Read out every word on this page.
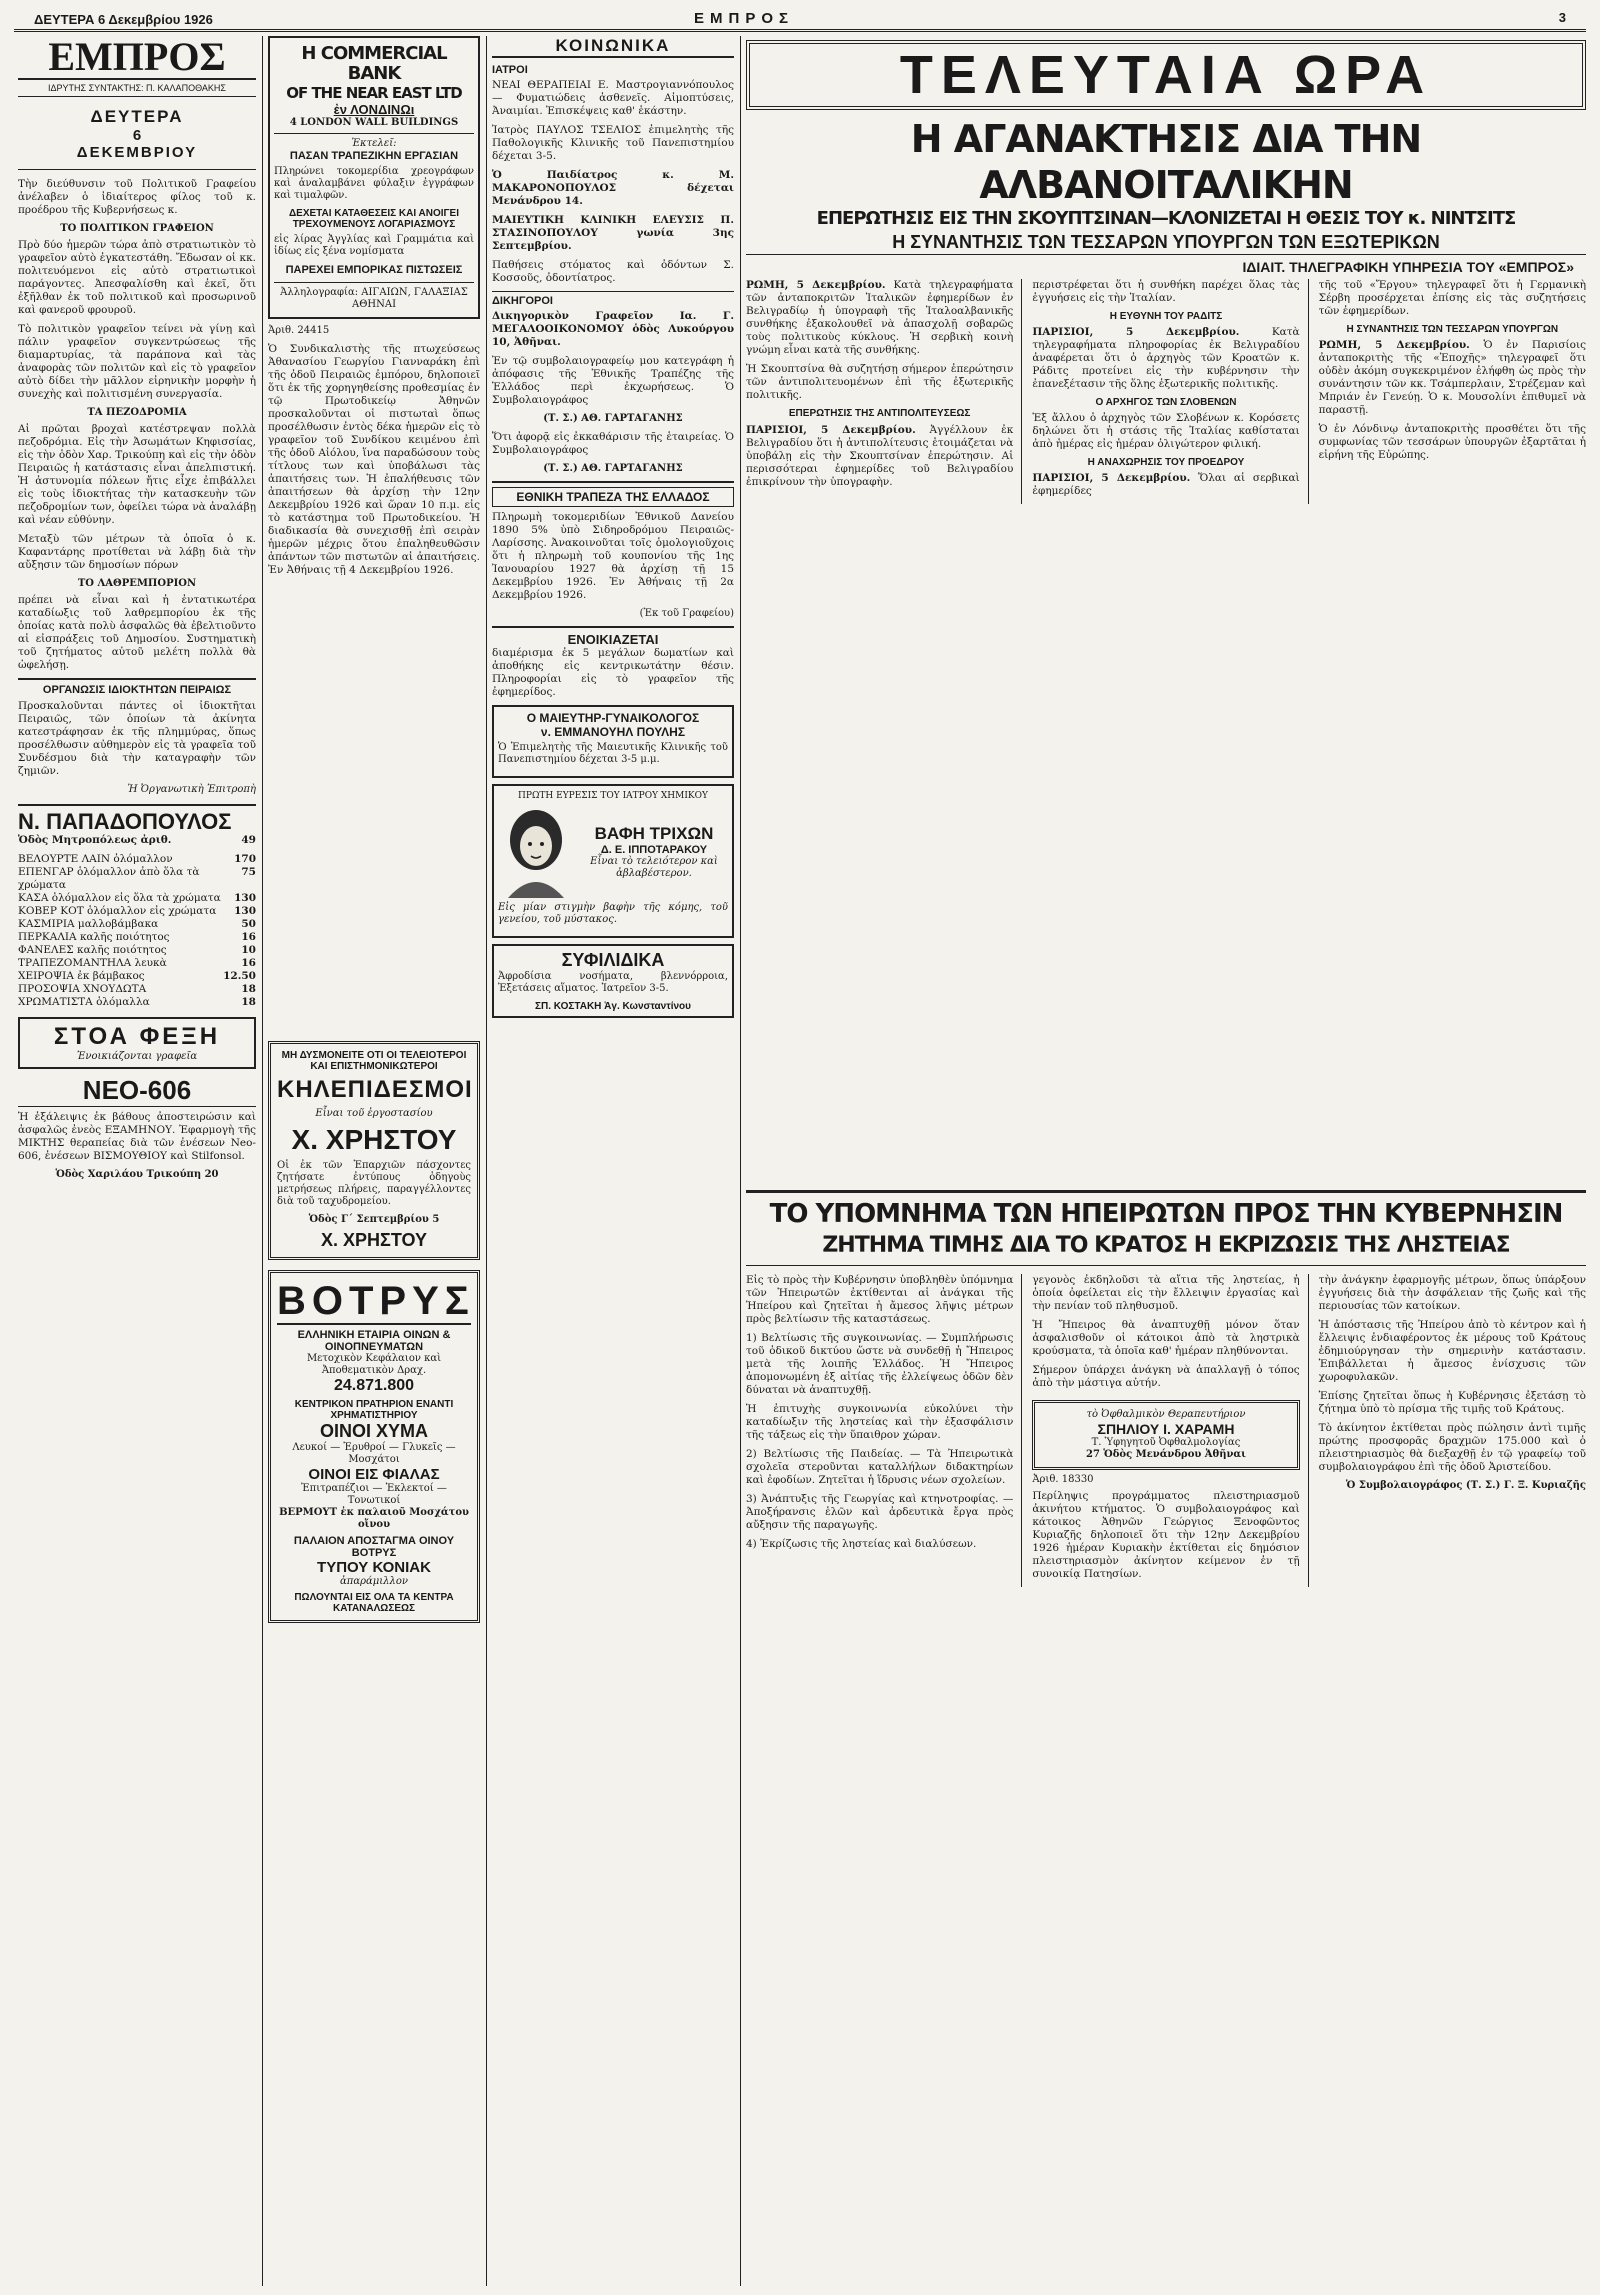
ΔΕΥΤΕΡΑ 6 Δεκεμβρίου 1926	ΕΜΠΡΟΣ	3
ΕΜΠΡΟΣ
ΙΔΡΥΤΗΣ ΣΥΝΤΑΚΤΗΣ: Π. ΚΑΛΑΠΟΘΑΚΗΣ
ΔΕΥΤΕΡΑ
6
ΔΕΚΕΜΒΡΙΟΥ

Τὴν διεύθυνσιν τοῦ Πολιτικοῦ Γραφείου ἀνέλαβεν ὁ ἰδιαίτερος φίλος τοῦ κ. προέδρου τῆς Κυβερνήσεως κ.

ΤΟ ΠΟΛΙΤΙΚΟΝ ΓΡΑΦΕΙΟΝ

Πρὸ δύο ἡμερῶν τώρα ἀπὸ στρατιωτικὸν τὸ γραφεῖον αὐτὸ ἐγκατεστάθη. Ἔδωσαν οἱ κκ. πολιτευόμενοι εἰς αὐτὸ στρατιωτικοὶ παράγοντες. Ἀπεσφαλίσθη καὶ ἐκεῖ, ὅτι ἐξῆλθαν ἐκ τοῦ πολιτικοῦ καὶ προσωρινοῦ καὶ φανεροῦ φρουροῦ.

Τὸ πολιτικὸν γραφεῖον τείνει νὰ γίνῃ καὶ πάλιν γραφεῖον συγκεντρώσεως τῆς διαμαρτυρίας, τὰ παράπονα καὶ τὰς ἀναφορὰς τῶν πολιτῶν καὶ εἰς τὸ γραφεῖον αὐτὸ δίδει τὴν μᾶλλον εἰρηνικὴν μορφὴν ἡ συνεχὴς καὶ πολιτισμένη συνεργασία.

ΤΑ ΠΕΖΟΔΡΟΜΙΑ

Αἱ πρῶται βροχαὶ κατέστρεψαν πολλὰ πεζοδρόμια. Εἰς τὴν Ἀσωμάτων Κηφισσίας, εἰς τὴν ὁδὸν Χαρ. Τρικούπη καὶ εἰς τὴν ὁδὸν Πειραιῶς ἡ κατάστασις εἶναι ἀπελπιστική. Ἡ ἀστυνομία πόλεων ἤτις εἶχε ἐπιβάλλει εἰς τοὺς ἰδιοκτήτας τὴν κατασκευὴν τῶν πεζοδρομίων των, ὀφείλει τώρα νὰ ἀναλάβῃ καὶ νέαν εὐθύνην.

Μεταξὺ τῶν μέτρων τὰ ὁποῖα ὁ κ. Καφαντάρης προτίθεται νὰ λάβῃ διὰ τὴν αὔξησιν τῶν δημοσίων πόρων

ΤΟ ΛΑΘΡΕΜΠΟΡΙΟΝ

πρέπει νὰ εἶναι καὶ ἡ ἐντατικωτέρα καταδίωξις τοῦ λαθρεμπορίου ἐκ τῆς ὁποίας κατὰ πολὺ ἀσφαλῶς θὰ ἐβελτιοῦντο αἱ εἰσπράξεις τοῦ Δημοσίου. Συστηματικὴ τοῦ ζητήματος αὐτοῦ μελέτη πολλὰ θὰ ὠφελήσῃ.

ΟΡΓΑΝΩΣΙΣ ΙΔΙΟΚΤΗΤΩΝ ΠΕΙΡΑΙΩΣ

Προσκαλοῦνται πάντες οἱ ἰδιοκτῆται Πειραιῶς, τῶν ὁποίων τὰ ἀκίνητα κατεστράφησαν ἐκ τῆς πλημμύρας, ὅπως προσέλθωσιν αὐθημερὸν εἰς τὰ γραφεῖα τοῦ Συνδέσμου διὰ τὴν καταγραφὴν τῶν ζημιῶν.

Ἡ Ὀργανωτικὴ Ἐπιτροπὴ
Ν. ΠΑΠΑΔΟΠΟΥΛΟΣ
Ὁδὸς Μητροπόλεως ἀριθ.	49
ΒΕΛΟΥΡΤΕ ΛΑΙΝ ὁλόμαλλον	170
ΕΠΕΝΓΑΡ ὁλόμαλλον ἀπὸ ὅλα τὰ χρώματα
75
ΚΑΣΑ ὁλόμαλλον εἰς ὅλα τὰ χρώματα 130
ΚΟΒΕΡ ΚΟΤ ὁλόμαλλον εἰς χρώματα 130
ΚΑΣΜΙΡΙΑ μαλλοβάμβακα	50
ΠΕΡΚΑΛΙΑ καλῆς ποιότητος	16
ΦΑΝΕΛΕΣ καλῆς ποιότητος	10
ΤΡΑΠΕΖΟΜΑΝΤΗΛΑ λευκὰ	16
ΧΕΙΡΟΨΙΑ ἐκ βάμβακος	12.50
ΠΡΟΣΟΨΙΑ ΧΝΟΥΔΩΤΑ	18
ΧΡΩΜΑΤΙΣΤΑ ὁλόμαλλα	18
ΣΤΟΑ ΦΕΞΗ
Ἐνοικιάζονται γραφεῖα
ΝΕΟ-606

Ἡ ἐξάλειψις ἐκ βάθους ἀποστειρώσιν καὶ ἀσφαλῶς ἐνεὸς ΕΞΑΜΗΝΟΥ. Ἐφαρμογὴ τῆς ΜΙΚΤΗΣ θεραπείας διὰ τῶν ἐνέσεων Neo-606, ἐνέσεων ΒΙΣΜΟΥΘΙΟΥ καὶ Stilfonsol.

Ὁδὸς Χαριλάου Τρικούπη 20
Η COMMERCIAL BANK
OF THE NEAR EAST LTD
ἐν ΛΟΝΔΙΝΩι
4 LONDON WALL BUILDINGS
Ἐκτελεῖ:
ΠΑΣΑΝ ΤΡΑΠΕΖΙΚΗΝ ΕΡΓΑΣΙΑΝ

Πληρώνει τοκομερίδια χρεογράφων καὶ ἀναλαμβάνει φύλαξιν ἐγγράφων καὶ τιμαλφῶν.

ΔΕΧΕΤΑΙ ΚΑΤΑΘΕΣΕΙΣ ΚΑΙ ΑΝΟΙΓΕΙ ΤΡΕΧΟΥΜΕΝΟΥΣ ΛΟΓΑΡΙΑΣΜΟΥΣ

εἰς λίρας Ἀγγλίας καὶ Γραμμάτια καὶ ἰδίως εἰς ξένα νομίσματα

ΠΑΡΕΧΕΙ ΕΜΠΟΡΙΚΑΣ ΠΙΣΤΩΣΕΙΣ
Ἀλληλογραφία: ΑΙΓΑΙΩΝ, ΓΑΛΑΞΙΑΣ ΑΘΗΝΑΙ
Ἀριθ. 24415

Ὁ Συνδικαλιστὴς τῆς πτωχεύσεως Ἀθανασίου Γεωργίου Γιανναράκη ἐπὶ τῆς ὁδοῦ Πειραιῶς ἐμπόρου, δηλοποιεῖ ὅτι ἐκ τῆς χορηγηθείσης προθεσμίας ἐν τῷ Πρωτοδικείῳ Ἀθηνῶν προσκαλοῦνται οἱ πιστωταὶ ὅπως προσέλθωσιν ἐντὸς δέκα ἡμερῶν εἰς τὸ γραφεῖον τοῦ Συνδίκου κειμένου ἐπὶ τῆς ὁδοῦ Αἰόλου, ἵνα παραδώσουν τοὺς τίτλους των καὶ ὑποβάλωσι τὰς ἀπαιτήσεις των. Ἡ ἐπαλήθευσις τῶν ἀπαιτήσεων θὰ ἀρχίσῃ τὴν 12ην Δεκεμβρίου 1926 καὶ ὥραν 10 π.μ. εἰς τὸ κατάστημα τοῦ Πρωτοδικείου. Ἡ διαδικασία θὰ συνεχισθῇ ἐπὶ σειρὰν ἡμερῶν μέχρις ὅτου ἐπαληθευθῶσιν ἁπάντων τῶν πιστωτῶν αἱ ἀπαιτήσεις. Ἐν Ἀθήναις τῇ 4 Δεκεμβρίου 1926.

ΜΗ ΔΥΣΜΟΝΕΙΤΕ ΟΤΙ ΟΙ ΤΕΛΕΙΟΤΕΡΟΙ ΚΑΙ ΕΠΙΣΤΗΜΟΝΙΚΩΤΕΡΟΙ
ΚΗΛΕΠΙΔΕΣΜΟΙ
Εἶναι τοῦ ἐργοστασίου
Χ. ΧΡΗΣΤΟΥ

Οἱ ἐκ τῶν Ἐπαρχιῶν πάσχοντες ζητήσατε ἐντύπους ὁδηγοὺς μετρήσεως πλήρεις, παραγγέλλοντες διὰ τοῦ ταχυδρομείου.

Ὁδὸς Γ΄ Σεπτεμβρίου 5
Χ. ΧΡΗΣΤΟΥ
ΒΟΤΡΥΣ
ΕΛΛΗΝΙΚΗ ΕΤΑΙΡΙΑ ΟΙΝΩΝ & ΟΙΝΟΠΝΕΥΜΑΤΩΝ
Μετοχικὸν Κεφάλαιον καὶ Ἀποθεματικὸν Δραχ.
24.871.800
ΚΕΝΤΡΙΚΟΝ ΠΡΑΤΗΡΙΟΝ ΕΝΑΝΤΙ ΧΡΗΜΑΤΙΣΤΗΡΙΟΥ
ΟΙΝΟΙ ΧΥΜΑ
Λευκοί — Ἐρυθροί — Γλυκεῖς — Μοσχάτοι
ΟΙΝΟΙ ΕΙΣ ΦΙΑΛΑΣ
Ἐπιτραπέζιοι — Ἐκλεκτοί — Τονωτικοί
ΒΕΡΜΟΥΤ ἐκ παλαιοῦ Μοσχάτου οἴνου
ΠΑΛΑΙΟΝ ΑΠΟΣΤΑΓΜΑ ΟΙΝΟΥ ΒΟΤΡΥΣ
ΤΥΠΟΥ ΚΟΝΙΑΚ
ἀπαράμιλλον
ΠΩΛΟΥΝΤΑΙ ΕΙΣ ΟΛΑ ΤΑ ΚΕΝΤΡΑ ΚΑΤΑΝΑΛΩΣΕΩΣ
ΚΟΙΝΩΝΙΚΑ
ΙΑΤΡΟΙ

ΝΕΑΙ ΘΕΡΑΠΕΙΑΙ Ε. Μαστρογιαννόπουλος — Φυματιώδεις ἀσθενεῖς. Αἱμοπτύσεις, Ἀναιμίαι. Ἐπισκέψεις καθ' ἑκάστην.

Ἰατρὸς ΠΑΥΛΟΣ ΤΣΕΛΙΟΣ ἐπιμελητὴς τῆς Παθολογικῆς Κλινικῆς τοῦ Πανεπιστημίου δέχεται 3-5.

Ὁ Παιδίατρος κ. Μ. ΜΑΚΑΡΟΝΟΠΟΥΛΟΣ δέχεται Μενάνδρου 14.

ΜΑΙΕΥΤΙΚΗ ΚΛΙΝΙΚΗ ΕΛΕΥΣΙΣ Π. ΣΤΑΣΙΝΟΠΟΥΛΟΥ γωνία 3ης Σεπτεμβρίου.

Παθήσεις στόματος καὶ ὀδόντων Σ. Κοσσοῦς, ὀδοντίατρος.

ΔΙΚΗΓΟΡΟΙ

Δικηγορικὸν Γραφεῖον Ια. Γ. ΜΕΓΑΛΟΟΙΚΟΝΟΜΟΥ ὁδὸς Λυκούργου 10, Ἀθῆναι.

Ἐν τῷ συμβολαιογραφείῳ μου κατεγράφη ἡ ἀπόφασις τῆς Ἐθνικῆς Τραπέζης τῆς Ἑλλάδος περὶ ἐκχωρήσεως. Ὁ Συμβολαιογράφος

(Τ. Σ.) ΑΘ. ΓΑΡΤΑΓΑΝΗΣ

Ὅτι ἀφορᾷ εἰς ἐκκαθάρισιν τῆς ἑταιρείας. Ὁ Συμβολαιογράφος

(Τ. Σ.) ΑΘ. ΓΑΡΤΑΓΑΝΗΣ
ΕΘΝΙΚΗ ΤΡΑΠΕΖΑ ΤΗΣ ΕΛΛΑΔΟΣ

Πληρωμὴ τοκομεριδίων Ἐθνικοῦ Δανείου 1890 5% ὑπὸ Σιδηροδρόμου Πειραιῶς-Λαρίσσης. Ἀνακοινοῦται τοῖς ὁμολογιοῦχοις ὅτι ἡ πληρωμὴ τοῦ κουπονίου τῆς 1ης Ἰανουαρίου 1927 θὰ ἀρχίσῃ τῇ 15 Δεκεμβρίου 1926. Ἐν Ἀθήναις τῇ 2α Δεκεμβρίου 1926.

(Ἐκ τοῦ Γραφείου)
ΕΝΟΙΚΙΑΖΕΤΑΙ

διαμέρισμα ἐκ 5 μεγάλων δωματίων καὶ ἀποθήκης εἰς κεντρικωτάτην θέσιν. Πληροφορίαι εἰς τὸ γραφεῖον τῆς ἐφημερίδος.

Ο ΜΑΙΕΥΤΗΡ-ΓΥΝΑΙΚΟΛΟΓΟΣ
ν. ΕΜΜΑΝΟΥΗΛ ΠΟΥΛΗΣ

Ὁ Ἐπιμελητὴς τῆς Μαιευτικῆς Κλινικῆς τοῦ Πανεπιστημίου δέχεται 3-5 μ.μ.

ΠΡΩΤΗ ΕΥΡΕΣΙΣ ΤΟΥ ΙΑΤΡΟΥ ΧΗΜΙΚΟΥ
ΒΑΦΗ ΤΡΙΧΩΝ
Δ. Ε. ΙΠΠΟΤΑΡΑΚΟΥ
Εἶναι τὸ τελειότερον καὶ ἀβλαβέστερον.

Εἰς μίαν στιγμὴν βαφὴν τῆς κόμης, τοῦ γενείου, τοῦ μύστακος.

ΣΥΦΙΛΙΔΙΚΑ

Ἀφροδίσια νοσήματα, βλεννόρροια, Ἐξετάσεις αἵματος. Ἰατρεῖον 3-5.

ΣΠ. ΚΟΣΤΑΚΗ Ἁγ. Κωνσταντίνου
ΤΕΛΕΥΤΑΙΑ ΩΡΑ
Η ΑΓΑΝΑΚΤΗΣΙΣ ΔΙΑ ΤΗΝ ΑΛΒΑΝΟΙΤΑΛΙΚΗΝ
ΕΠΕΡΩΤΗΣΙΣ ΕΙΣ ΤΗΝ ΣΚΟΥΠΤΣΙΝΑΝ—ΚΛΟΝΙΖΕΤΑΙ Η ΘΕΣΙΣ ΤΟΥ κ. ΝΙΝΤΣΙΤΣ
Η ΣΥΝΑΝΤΗΣΙΣ ΤΩΝ ΤΕΣΣΑΡΩΝ ΥΠΟΥΡΓΩΝ ΤΩΝ ΕΞΩΤΕΡΙΚΩΝ
ΙΔΙΑΙΤ. ΤΗΛΕΓΡΑΦΙΚΗ ΥΠΗΡΕΣΙΑ ΤΟΥ «ΕΜΠΡΟΣ»

ΡΩΜΗ, 5 Δεκεμβρίου. Κατὰ τηλεγραφήματα τῶν ἀνταποκριτῶν Ἰταλικῶν ἐφημερίδων ἐν Βελιγραδίῳ ἡ ὑπογραφὴ τῆς Ἰταλοαλβανικῆς συνθήκης ἐξακολουθεῖ νὰ ἀπασχολῇ σοβαρῶς τοὺς πολιτικοὺς κύκλους. Ἡ σερβικὴ κοινὴ γνώμη εἶναι κατὰ τῆς συνθήκης.

Ἡ Σκουπτσίνα θὰ συζητήσῃ σήμερον ἐπερώτησιν τῶν ἀντιπολιτευομένων ἐπὶ τῆς ἐξωτερικῆς πολιτικῆς.

ΕΠΕΡΩΤΗΣΙΣ ΤΗΣ ΑΝΤΙΠΟΛΙΤΕΥΣΕΩΣ

ΠΑΡΙΣΙΟΙ, 5 Δεκεμβρίου. Ἀγγέλλουν ἐκ Βελιγραδίου ὅτι ἡ ἀντιπολίτευσις ἑτοιμάζεται νὰ ὑποβάλῃ εἰς τὴν Σκουπτσίναν ἐπερώτησιν. Αἱ περισσότεραι ἐφημερίδες τοῦ Βελιγραδίου ἐπικρίνουν τὴν ὑπογραφὴν.

περιστρέφεται ὅτι ἡ συνθήκη παρέχει ὅλας τὰς ἐγγυήσεις εἰς τὴν Ἰταλίαν.

Η ΕΥΘΥΝΗ ΤΟΥ ΡΑΔΙΤΣ

ΠΑΡΙΣΙΟΙ, 5 Δεκεμβρίου.	Κατὰ τηλεγραφήματα πληροφορίας ἐκ Βελιγραδίου ἀναφέρεται ὅτι ὁ ἀρχηγὸς τῶν Κροατῶν κ. Ράδιτς προτείνει εἰς τὴν κυβέρνησιν τὴν ἐπανεξέτασιν τῆς ὅλης ἐξωτερικῆς πολιτικῆς.

Ο ΑΡΧΗΓΟΣ ΤΩΝ ΣΛΟΒΕΝΩΝ

Ἐξ ἄλλου ὁ ἀρχηγὸς τῶν Σλοβένων κ. Κορόσετς δηλώνει ὅτι ἡ στάσις τῆς Ἰταλίας καθίσταται ἀπὸ ἡμέρας εἰς ἡμέραν ὀλιγώτερον φιλική.

Η ΑΝΑΧΩΡΗΣΙΣ ΤΟΥ ΠΡΟΕΔΡΟΥ

ΠΑΡΙΣΙΟΙ, 5 Δεκεμβρίου. Ὅλαι αἱ σερβικαὶ ἐφημερίδες

τῆς τοῦ «Ἔργου» τηλεγραφεῖ ὅτι ἡ Γερμανικὴ Σέρβη προσέρχεται ἐπίσης εἰς τὰς συζητήσεις τῶν ἐφημερίδων.

Η ΣΥΝΑΝΤΗΣΙΣ ΤΩΝ ΤΕΣΣΑΡΩΝ ΥΠΟΥΡΓΩΝ

ΡΩΜΗ, 5 Δεκεμβρίου. Ὁ ἐν Παρισίοις ἀνταποκριτὴς τῆς «Ἐποχῆς» τηλεγραφεῖ ὅτι οὐδὲν ἀκόμη συγκεκριμένον ἐλήφθη ὡς πρὸς τὴν συνάντησιν τῶν κκ. Τσάμπερλαιν, Στρέζεμαν καὶ Μπριάν ἐν Γενεύῃ. Ὁ κ. Μουσολίνι ἐπιθυμεῖ νὰ παραστῇ.

Ὁ ἐν Λόνδινῳ ἀνταποκριτὴς προσθέτει ὅτι τῆς συμφωνίας τῶν τεσσάρων ὑπουργῶν ἐξαρτᾶται ἡ εἰρήνη τῆς Εὐρώπης.

ΤΟ ΥΠΟΜΝΗΜΑ ΤΩΝ ΗΠΕΙΡΩΤΩΝ ΠΡΟΣ ΤΗΝ ΚΥΒΕΡΝΗΣΙΝ
ΖΗΤΗΜΑ ΤΙΜΗΣ ΔΙΑ ΤΟ ΚΡΑΤΟΣ Η ΕΚΡΙΖΩΣΙΣ ΤΗΣ ΛΗΣΤΕΙΑΣ

Εἰς τὸ πρὸς τὴν Κυβέρνησιν ὑποβληθὲν ὑπόμνημα τῶν Ἠπειρωτῶν ἐκτίθενται αἱ ἀνάγκαι τῆς Ἠπείρου καὶ ζητεῖται ἡ ἄμεσος λῆψις μέτρων πρὸς βελτίωσιν τῆς καταστάσεως.

1) Βελτίωσις τῆς συγκοινωνίας. — Συμπλήρωσις τοῦ ὁδικοῦ δικτύου ὥστε νὰ συνδεθῇ ἡ Ἤπειρος μετὰ τῆς λοιπῆς Ἑλλάδος. Ἡ Ἤπειρος ἀπομονωμένη ἐξ αἰτίας τῆς ἐλλείψεως ὁδῶν δὲν δύναται νὰ ἀναπτυχθῇ.

Ἡ ἐπιτυχὴς συγκοινωνία εὐκολύνει τὴν καταδίωξιν τῆς ληστείας καὶ τὴν ἐξασφάλισιν τῆς τάξεως εἰς τὴν ὕπαιθρον χώραν.

2) Βελτίωσις τῆς Παιδείας. — Τὰ Ἠπειρωτικὰ σχολεῖα στεροῦνται καταλλήλων διδακτηρίων καὶ ἐφοδίων. Ζητεῖται ἡ ἵδρυσις νέων σχολείων.

3) Ἀνάπτυξις τῆς Γεωργίας καὶ κτηνοτροφίας. — Ἀποξήρανσις ἑλῶν καὶ ἀρδευτικὰ ἔργα πρὸς αὔξησιν τῆς παραγωγῆς.

4) Ἐκρίζωσις τῆς ληστείας καὶ διαλύσεων.

γεγονὸς ἐκδηλοῦσι τὰ αἴτια τῆς ληστείας, ἡ ὁποία ὀφείλεται εἰς τὴν ἔλλειψιν ἐργασίας καὶ τὴν πενίαν τοῦ πληθυσμοῦ.

Ἡ Ἤπειρος θὰ ἀναπτυχθῇ μόνον ὅταν ἀσφαλισθοῦν οἱ κάτοικοι ἀπὸ τὰ ληστρικὰ κρούσματα, τὰ ὁποῖα καθ' ἡμέραν πληθύνονται.

Σήμερον ὑπάρχει ἀνάγκη νὰ ἀπαλλαγῇ ὁ τόπος ἀπὸ τὴν μάστιγα αὐτήν.

τὸ Ὀφθαλμικὸν Θεραπευτήριον
ΣΠΗΛΙΟΥ Ι. ΧΑΡΑΜΗ
Τ. Ὑφηγητοῦ Ὀφθαλμολογίας
27 Ὁδὸς Μενάνδρου Ἀθῆναι
Ἀριθ. 18330

Περίληψις προγράμματος πλειστηριασμοῦ ἀκινήτου κτήματος. Ὁ συμβολαιογράφος καὶ κάτοικος Ἀθηνῶν Γεώργιος Ξενοφῶντος Κυριαζῆς δηλοποιεῖ ὅτι τὴν 12ην Δεκεμβρίου 1926 ἡμέραν Κυριακὴν ἐκτίθεται εἰς δημόσιον πλειστηριασμὸν ἀκίνητον κείμενον ἐν τῇ συνοικίᾳ Πατησίων.

τὴν ἀνάγκην ἐφαρμογῆς μέτρων, ὅπως ὑπάρξουν ἐγγυήσεις διὰ τὴν ἀσφάλειαν τῆς ζωῆς καὶ τῆς περιουσίας τῶν κατοίκων.

Ἡ ἀπόστασις τῆς Ἠπείρου ἀπὸ τὸ κέντρον καὶ ἡ ἔλλειψις ἐνδιαφέροντος ἐκ μέρους τοῦ Κράτους ἐδημιούργησαν τὴν σημερινὴν κατάστασιν. Ἐπιβάλλεται ἡ ἄμεσος ἐνίσχυσις τῶν χωροφυλακῶν.

Ἐπίσης ζητεῖται ὅπως ἡ Κυβέρνησις ἐξετάσῃ τὸ ζήτημα ὑπὸ τὸ πρίσμα τῆς τιμῆς τοῦ Κράτους.

Τὸ ἀκίνητον ἐκτίθεται πρὸς πώλησιν ἀντὶ τιμῆς πρώτης προσφορᾶς δραχμῶν 175.000 καὶ ὁ πλειστηριασμὸς θὰ διεξαχθῇ ἐν τῷ γραφείῳ τοῦ συμβολαιογράφου ἐπὶ τῆς ὁδοῦ Ἀριστείδου.

Ὁ Συμβολαιογράφος (Τ. Σ.) Γ. Ξ. Κυριαζῆς
